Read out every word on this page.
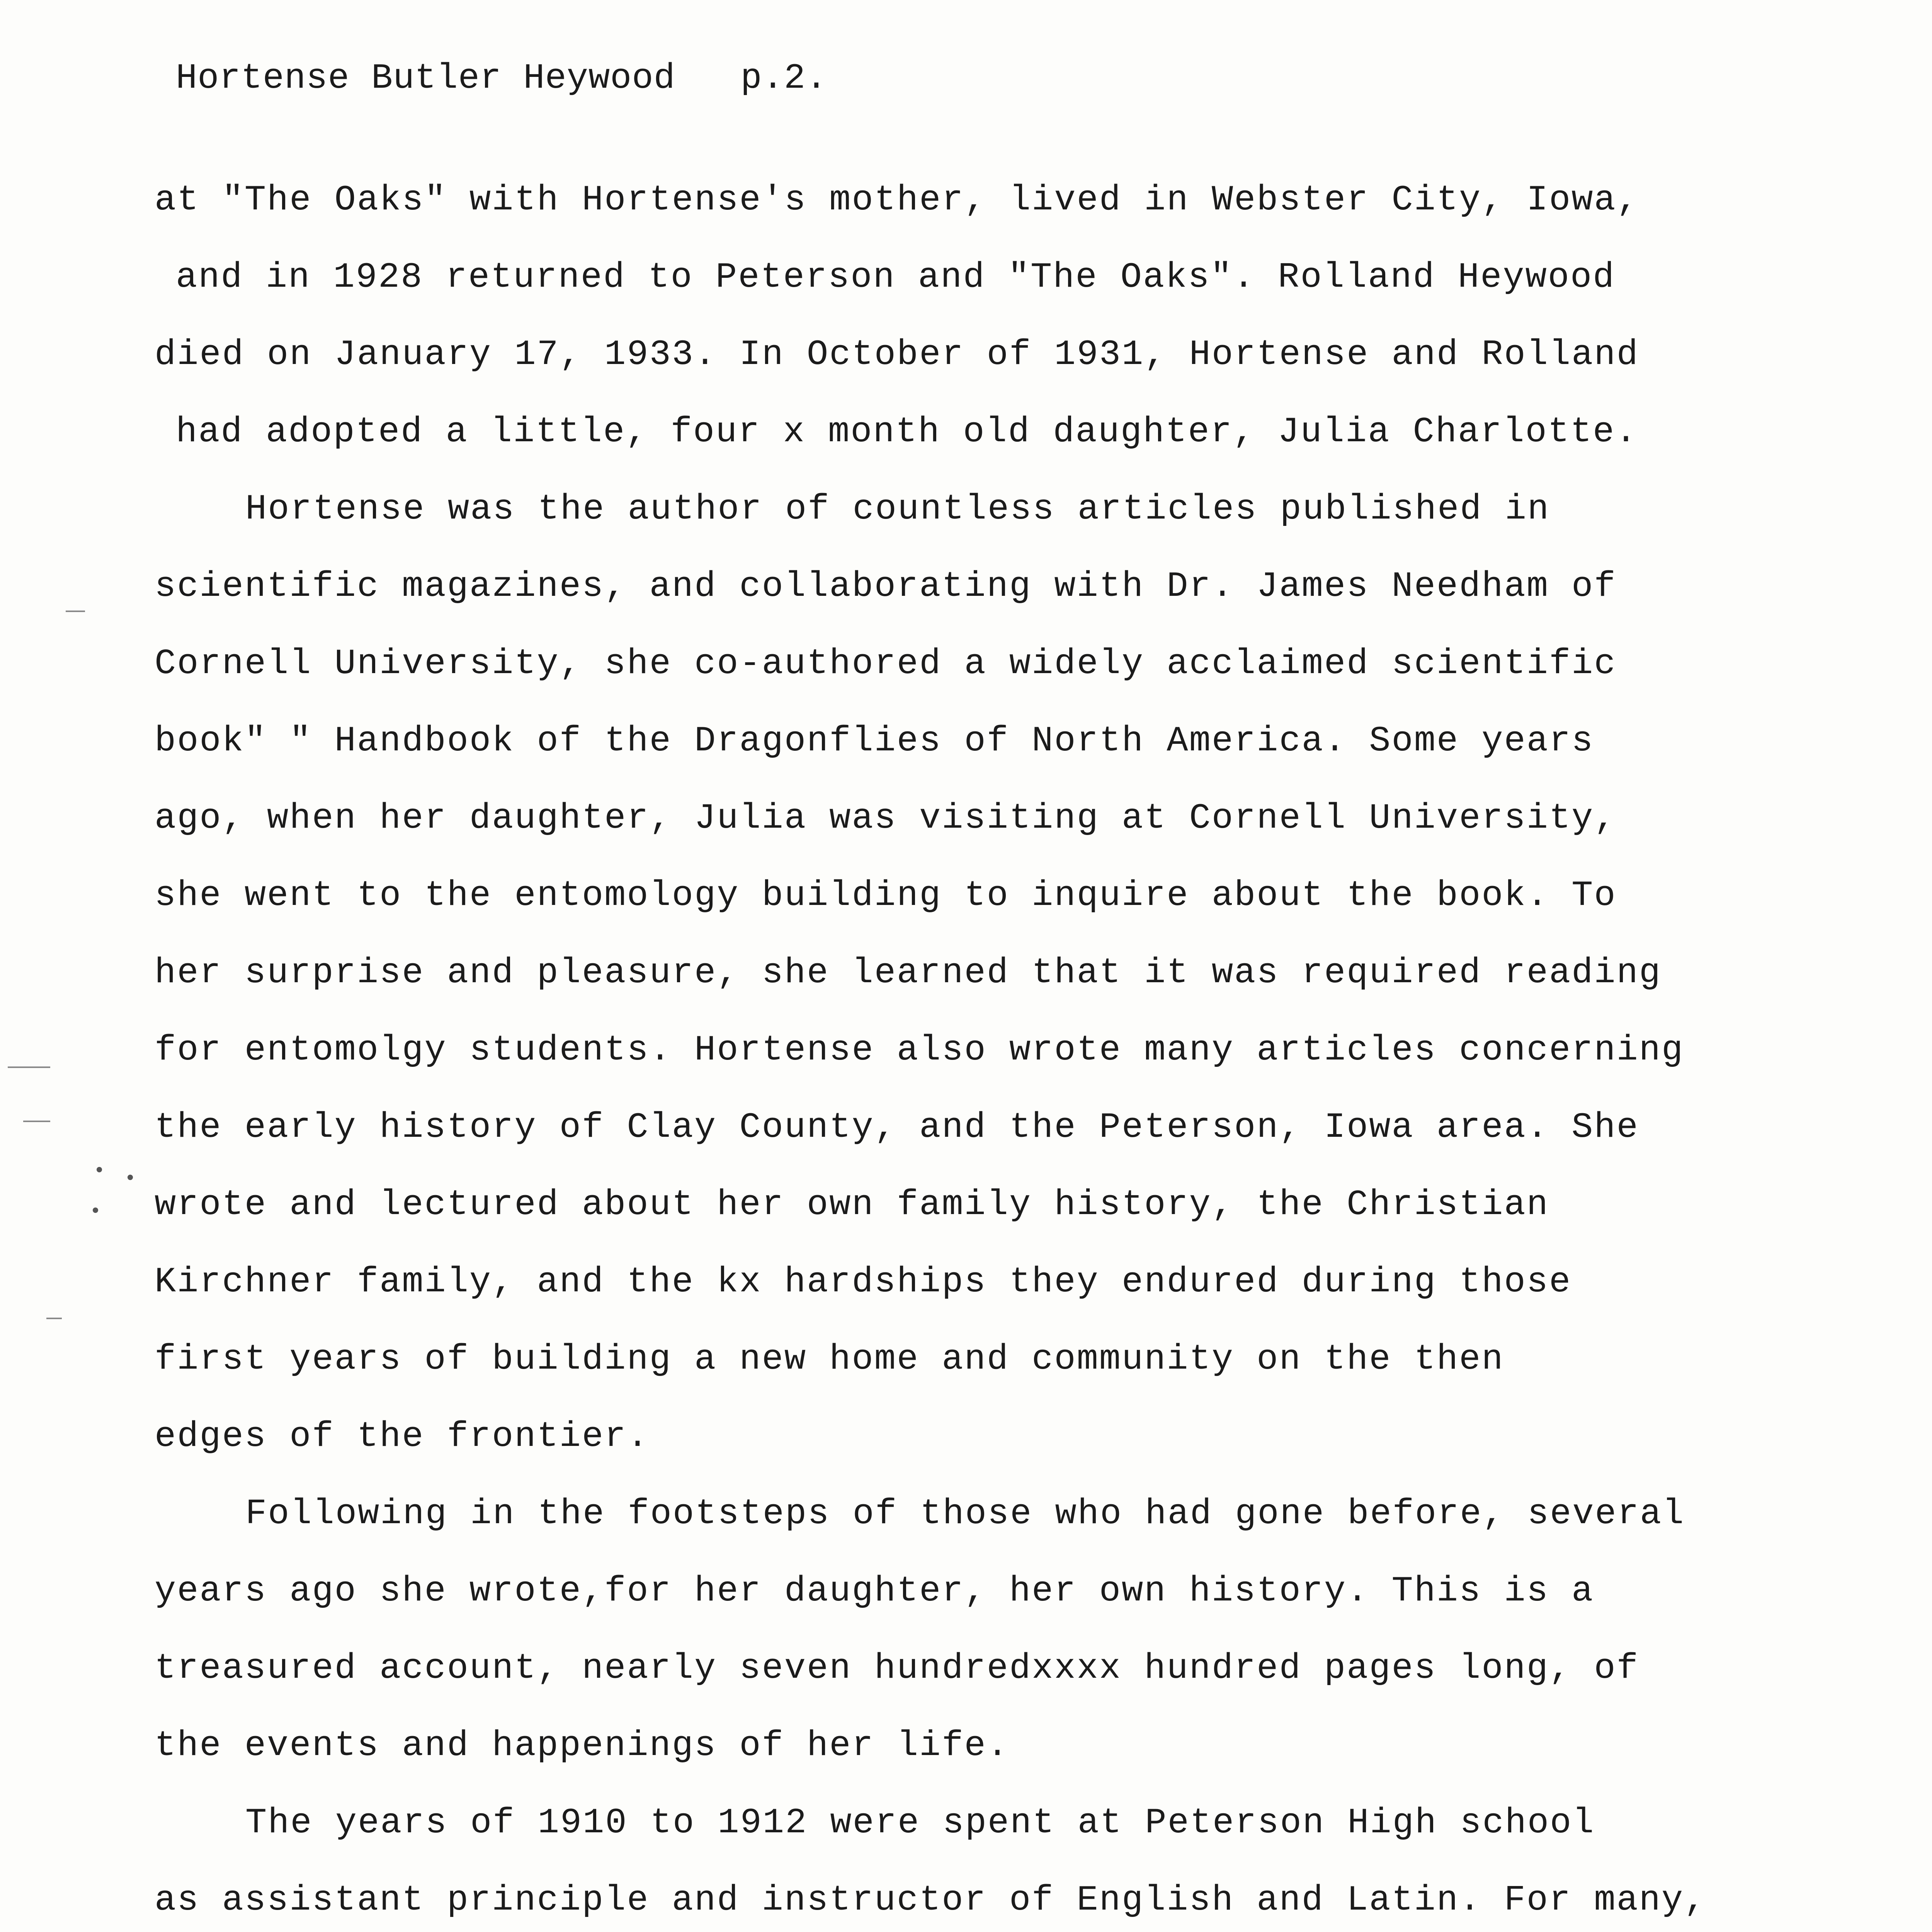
Hortense Butler Heywood p.2.
at "The Oaks" with Hortense's mother, lived in Webster City, Iowa,
and in 1928 returned to Peterson and "The Oaks". Rolland Heywood
died on January 17, 1933. In October of 1931, Hortense and Rolland
had adopted a little, four x month old daughter, Julia Charlotte.
Hortense was the author of countless articles published in
scientific magazines, and collaborating with Dr. James Needham of
Cornell University, she co-authored a widely acclaimed scientific
book" " Handbook of the Dragonflies of North America. Some years
ago, when her daughter, Julia was visiting at Cornell University,
she went to the entomology building to inquire about the book. To
her surprise and pleasure, she learned that it was required reading
for entomolgy students. Hortense also wrote many articles concerning
the early history of Clay County, and the Peterson, Iowa area. She
wrote and lectured about her own family history, the Christian
Kirchner family, and the kx hardships they endured during those
first years of building a new home and community on the then
edges of the frontier.
Following in the footsteps of those who had gone before, several
years ago she wrote,for her daughter, her own history. This is a
treasured account, nearly seven hundredxxxx hundred pages long, of
the events and happenings of her life.
The years of 1910 to 1912 were spent at Peterson High school
as assistant principle and instructor of English and Latin. For many,
